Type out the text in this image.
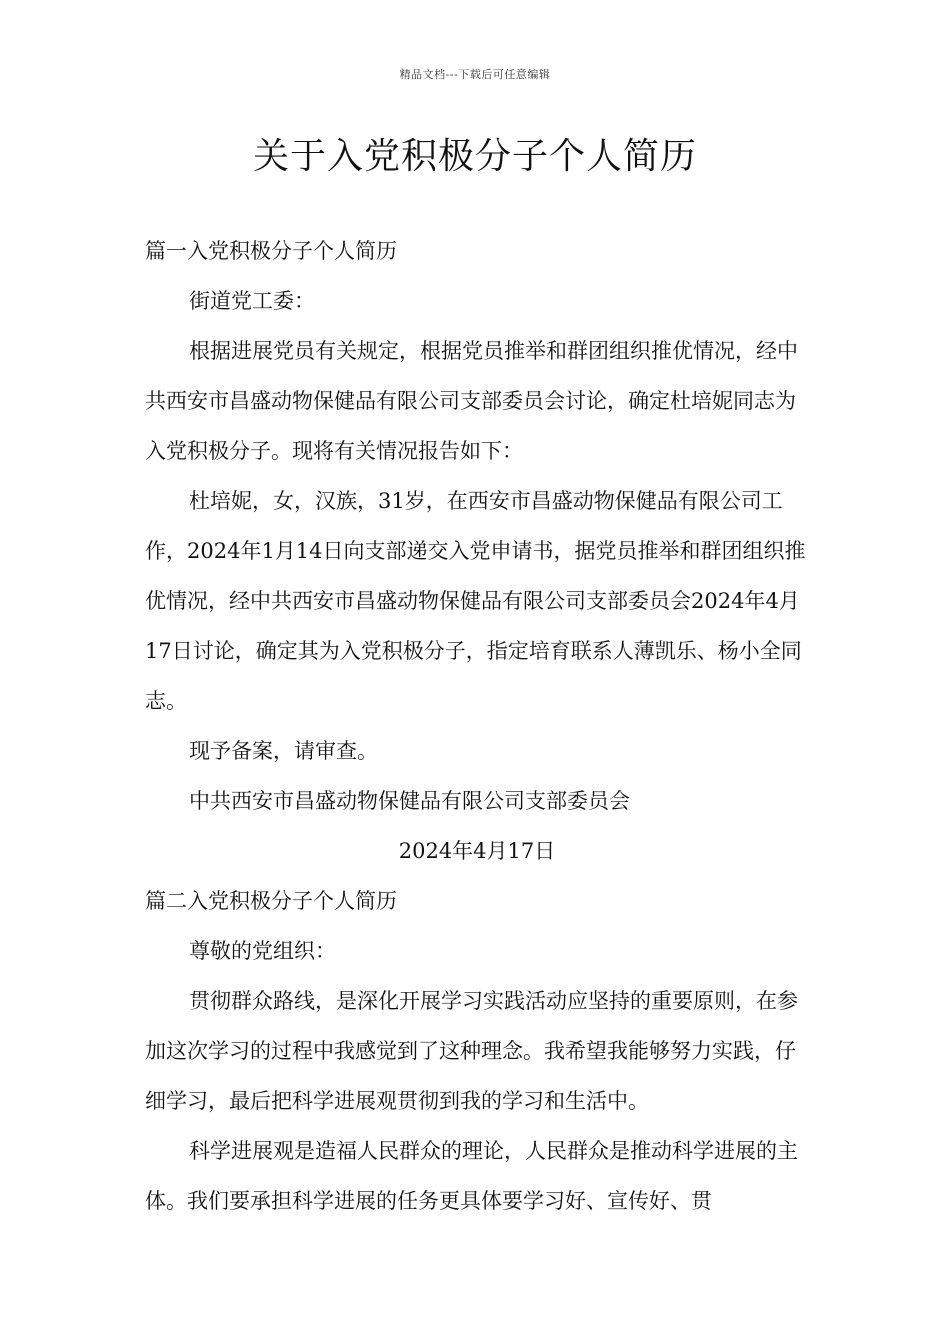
精品文档---下载后可任意编辑
关于入党积极分子个人简历

篇一入党积极分子个人简历

街道党工委：

根据进展党员有关规定，根据党员推举和群团组织推优情况，经中共西安市昌盛动物保健品有限公司支部委员会讨论，确定杜培妮同志为入党积极分子。现将有关情况报告如下：

杜培妮，女，汉族，31岁，在西安市昌盛动物保健品有限公司工作，2024年1月14日向支部递交入党申请书，据党员推举和群团组织推优情况，经中共西安市昌盛动物保健品有限公司支部委员会2024年4月17日讨论，确定其为入党积极分子，指定培育联系人薄凯乐、杨小全同志。

现予备案，请审查。

中共西安市昌盛动物保健品有限公司支部委员会

2024年4月17日

篇二入党积极分子个人简历

尊敬的党组织：

贯彻群众路线，是深化开展学习实践活动应坚持的重要原则，在参加这次学习的过程中我感觉到了这种理念。我希望我能够努力实践，仔细学习，最后把科学进展观贯彻到我的学习和生活中。

科学进展观是造福人民群众的理论，人民群众是推动科学进展的主体。我们要承担科学进展的任务更具体要学习好、宣传好、贯
